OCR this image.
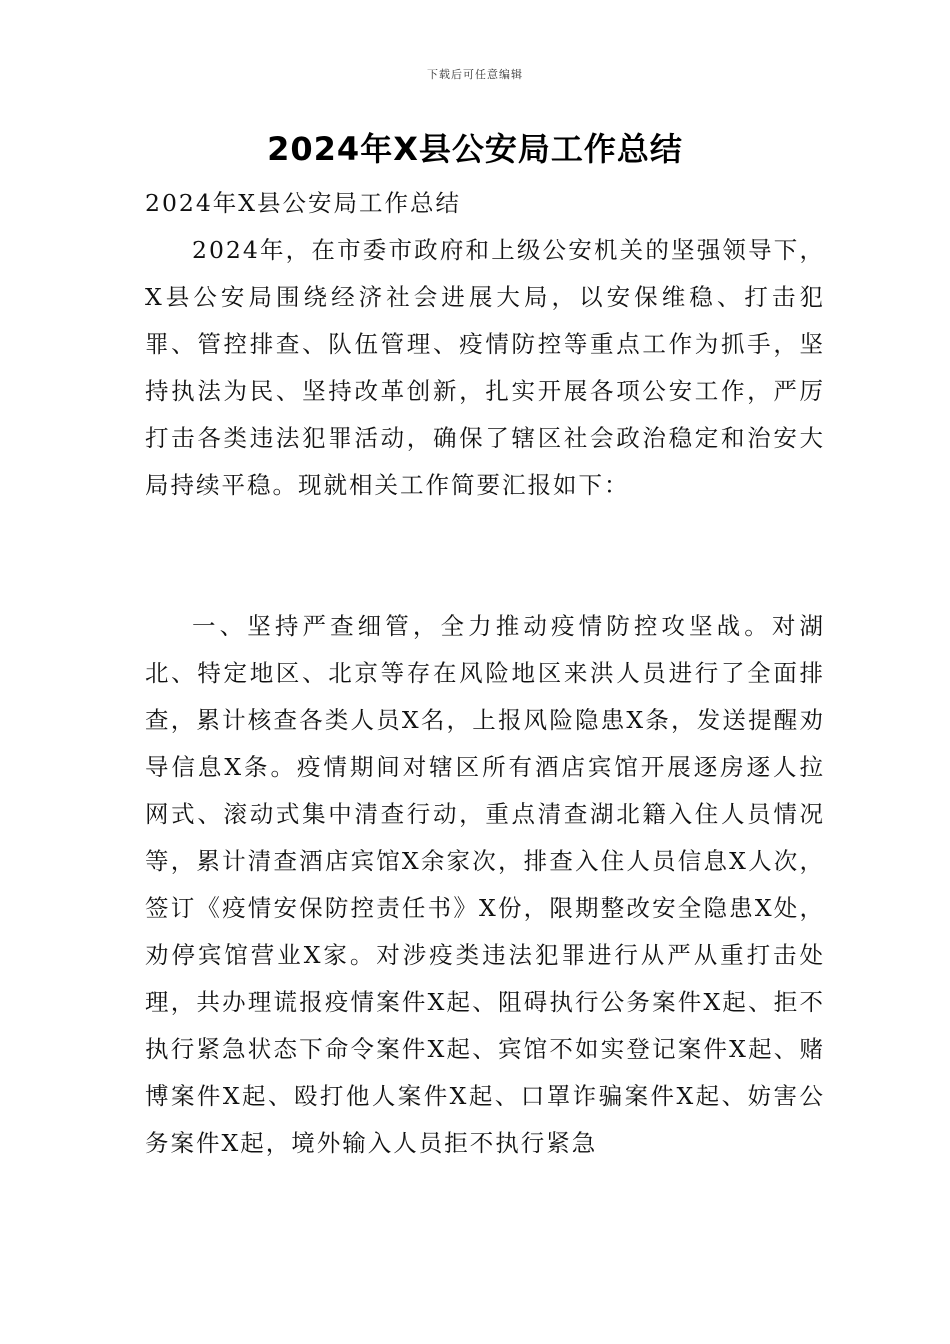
下载后可任意编辑
2024年X县公安局工作总结

2024年X县公安局工作总结

2024年，在市委市政府和上级公安机关的坚强领导下，X县公安局围绕经济社会进展大局，以安保维稳、打击犯罪、管控排查、队伍管理、疫情防控等重点工作为抓手，坚持执法为民、坚持改革创新，扎实开展各项公安工作，严厉打击各类违法犯罪活动，确保了辖区社会政治稳定和治安大局持续平稳。现就相关工作简要汇报如下：

一、坚持严查细管，全力推动疫情防控攻坚战。对湖北、特定地区、北京等存在风险地区来洪人员进行了全面排查，累计核查各类人员X名，上报风险隐患X条，发送提醒劝导信息X条。疫情期间对辖区所有酒店宾馆开展逐房逐人拉网式、滚动式集中清查行动，重点清查湖北籍入住人员情况等，累计清查酒店宾馆X余家次，排查入住人员信息X人次，签订《疫情安保防控责任书》X份，限期整改安全隐患X处，劝停宾馆营业X家。对涉疫类违法犯罪进行从严从重打击处理，共办理谎报疫情案件X起、阻碍执行公务案件X起、拒不执行紧急状态下命令案件X起、宾馆不如实登记案件X起、赌博案件X起、殴打他人案件X起、口罩诈骗案件X起、妨害公务案件X起，境外输入人员拒不执行紧急
